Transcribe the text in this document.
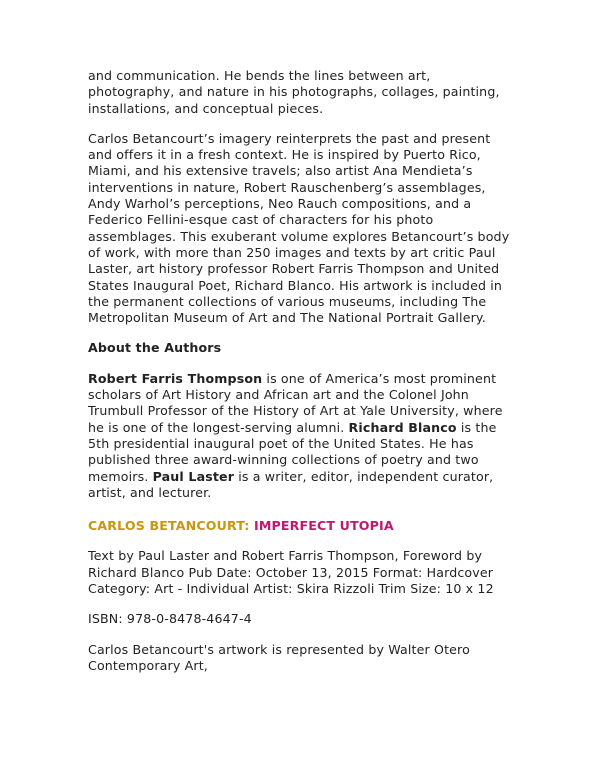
and communication. He bends the lines between art, photography, and nature in his photographs, collages, painting, installations, and conceptual pieces.

Carlos Betancourt’s imagery reinterprets the past and present and offers it in a fresh context. He is inspired by Puerto Rico, Miami, and his extensive travels; also artist Ana Mendieta’s interventions in nature, Robert Rauschenberg’s assemblages, Andy Warhol’s perceptions, Neo Rauch compositions, and a Federico Fellini-esque cast of characters for his photo assemblages. This exuberant volume explores Betancourt’s body of work, with more than 250 images and texts by art critic Paul Laster, art history professor Robert Farris Thompson and United States Inaugural Poet, Richard Blanco. His artwork is included in the permanent collections of various museums, including The Metropolitan Museum of Art and The National Portrait Gallery.

About the Authors

Robert Farris Thompson is one of America’s most prominent scholars of Art History and African art and the Colonel John Trumbull Professor of the History of Art at Yale University, where he is one of the longest-serving alumni. Richard Blanco is the 5th presidential inaugural poet of the United States. He has published three award-winning collections of poetry and two memoirs. Paul Laster is a writer, editor, independent curator, artist, and lecturer.

CARLOS BETANCOURT: IMPERFECT UTOPIA

Text by Paul Laster and Robert Farris Thompson, Foreword by Richard Blanco Pub Date: October 13, 2015 Format: Hardcover Category: Art - Individual Artist: Skira Rizzoli Trim Size: 10 x 12

ISBN: 978-0-8478-4647-4

Carlos Betancourt's artwork is represented by Walter Otero Contemporary Art,
